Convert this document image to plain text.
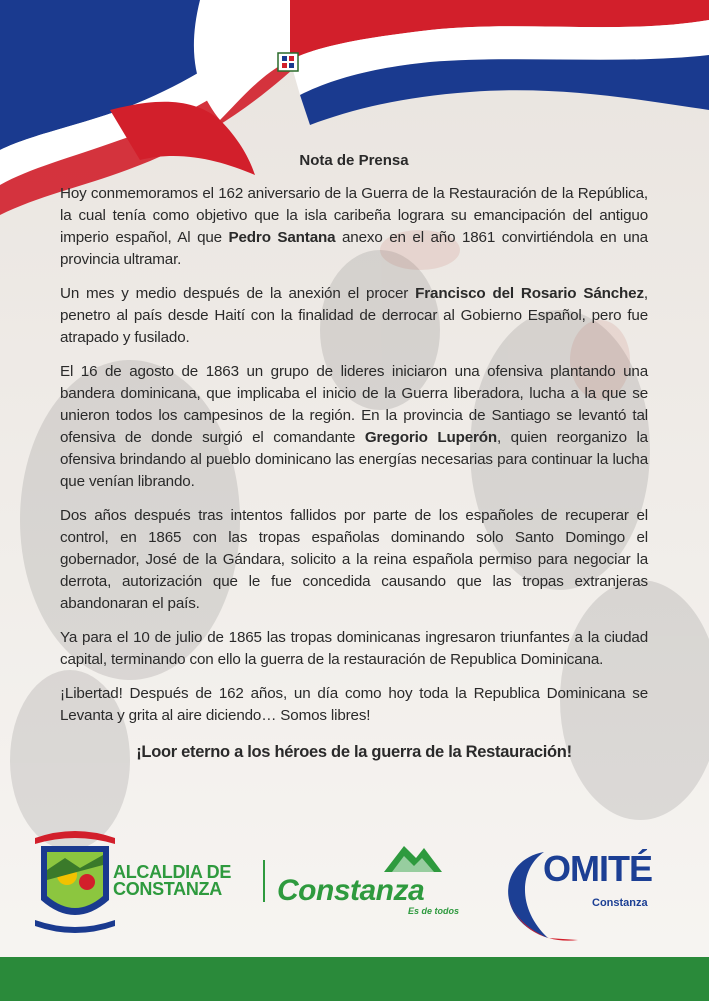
Nota de Prensa

Hoy conmemoramos el 162 aniversario de la Guerra de la Restauración de la República, la cual tenía como objetivo que la isla caribeña lograra su emancipación del antiguo imperio español, Al que Pedro Santana anexo en el año 1861 convirtiéndola en una provincia ultramar.

Un mes y medio después de la anexión el procer Francisco del Rosario Sánchez, penetro al país desde Haití con la finalidad de derrocar al Gobierno Español, pero fue atrapado y fusilado.

El 16 de agosto de 1863 un grupo de lideres iniciaron una ofensiva plantando una bandera dominicana, que implicaba el inicio de la Guerra liberadora, lucha a la que se unieron todos los campesinos de la región. En la provincia de Santiago se levantó tal ofensiva de donde surgió el comandante Gregorio Luperón, quien reorganizo la ofensiva brindando al pueblo dominicano las energías necesarias para continuar la lucha que venían librando.

Dos años después tras intentos fallidos por parte de los españoles de recuperar el control, en 1865 con las tropas españolas dominando solo Santo Domingo el gobernador, José de la Gándara, solicito a la reina española permiso para negociar la derrota, autorización que le fue concedida causando que las tropas extranjeras abandonaran el país.

Ya para el 10 de julio de 1865 las tropas dominicanas ingresaron triunfantes a la ciudad capital, terminando con ello la guerra de la restauración de Republica Dominicana.

¡Libertad! Después de 162 años, un día como hoy toda la Republica Dominicana se Levanta y grita al aire diciendo… Somos libres!

¡Loor eterno a los héroes de la guerra de la Restauración!

ALCALDIA DE
CONSTANZA	Constanza
Es de todos
OMITÉ
Constanza
